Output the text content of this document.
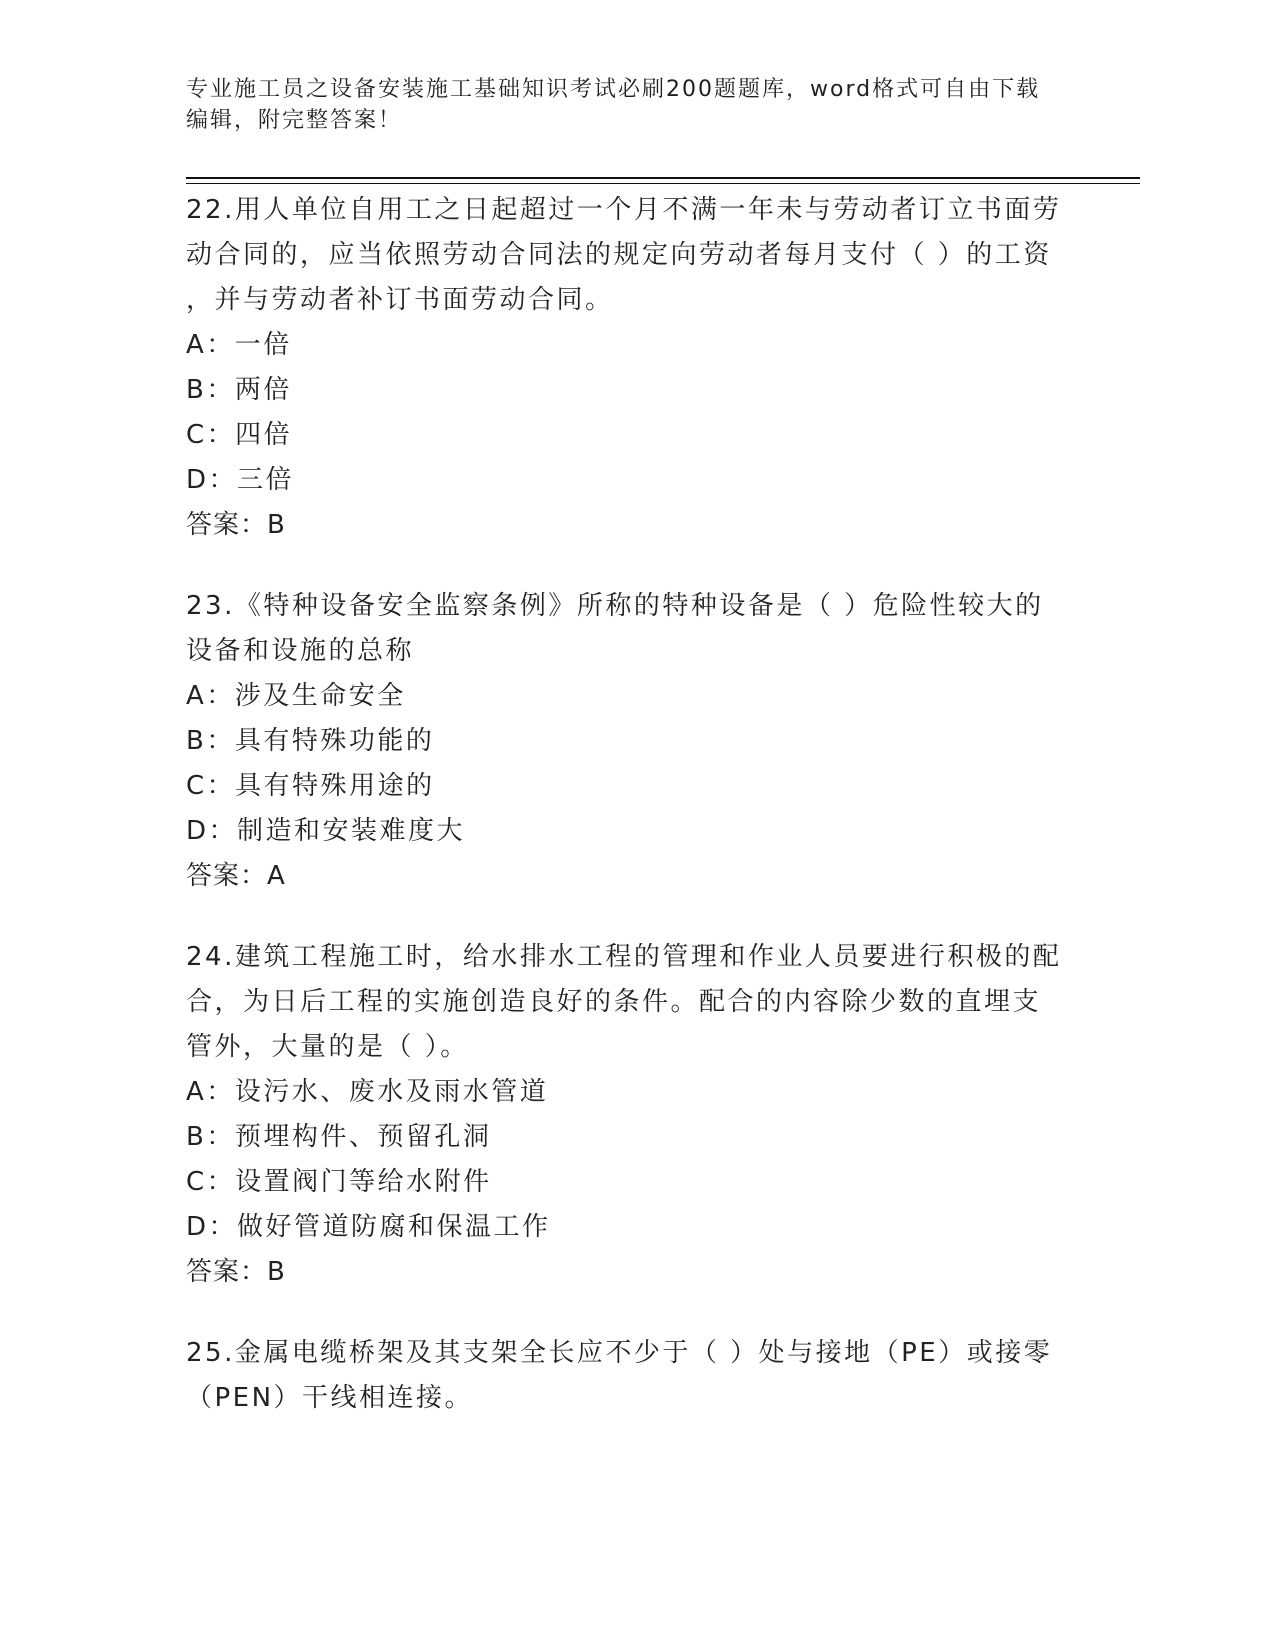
专业施工员之设备安装施工基础知识考试必刷200题题库，word格式可自由下载
编辑，附完整答案！
22.用人单位自用工之日起超过一个月不满一年未与劳动者订立书面劳
动合同的，应当依照劳动合同法的规定向劳动者每月支付（ ）的工资
，并与劳动者补订书面劳动合同。
A：一倍
B：两倍
C：四倍
D：三倍
答案：B
23.《特种设备安全监察条例》所称的特种设备是（ ）危险性较大的
设备和设施的总称
A：涉及生命安全
B：具有特殊功能的
C：具有特殊用途的
D：制造和安装难度大
答案：A
24.建筑工程施工时，给水排水工程的管理和作业人员要进行积极的配
合，为日后工程的实施创造良好的条件。配合的内容除少数的直埋支
管外，大量的是（ ）。
A：设污水、废水及雨水管道
B：预埋构件、预留孔洞
C：设置阀门等给水附件
D：做好管道防腐和保温工作
答案：B
25.金属电缆桥架及其支架全长应不少于（ ）处与接地（PE）或接零
（PEN）干线相连接。
